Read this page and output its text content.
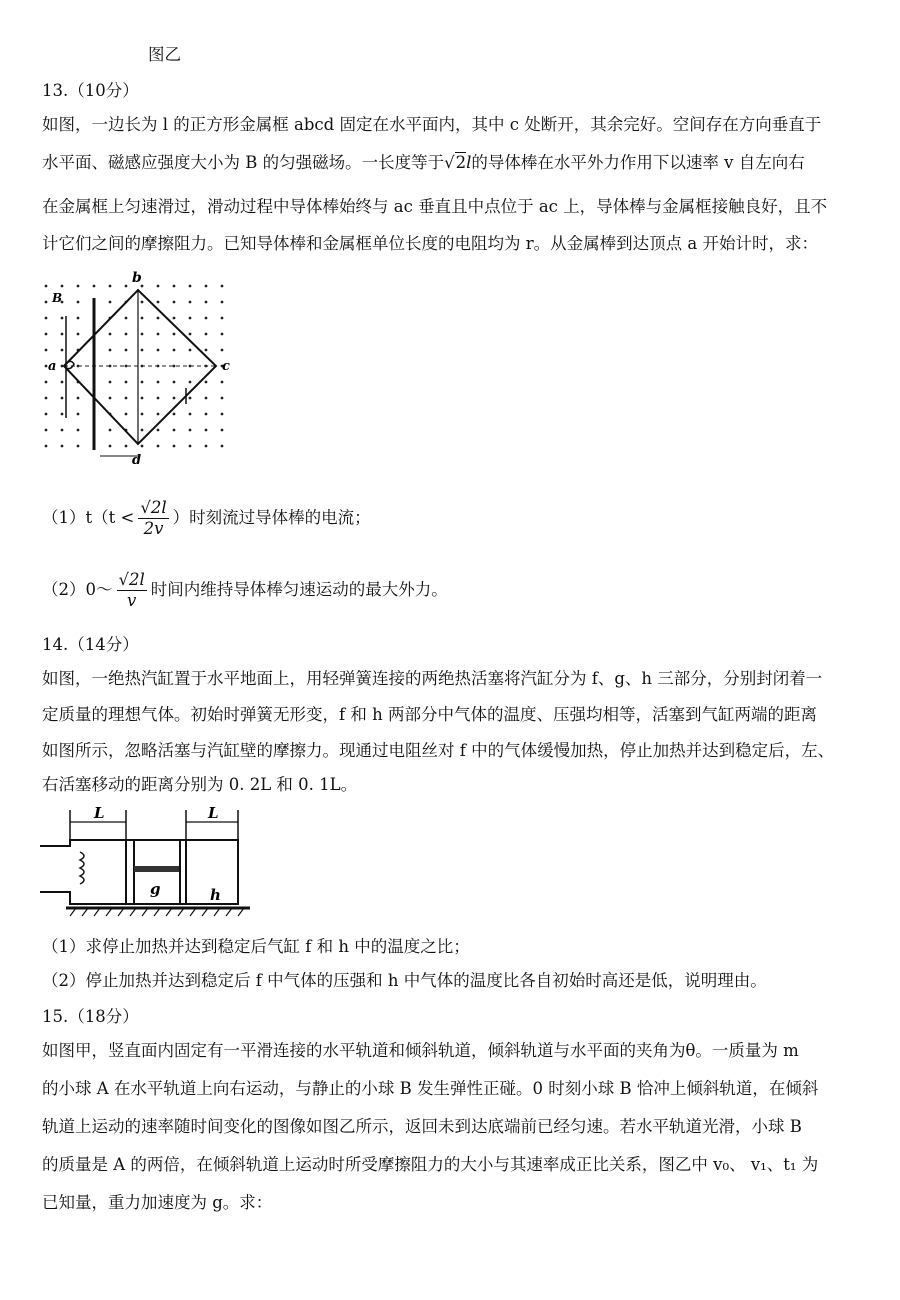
图乙
13.（10分）
如图，一边长为 l 的正方形金属框 abcd 固定在水平面内，其中 c 处断开，其余完好。空间存在方向垂直于
水平面、磁感应强度大小为 B 的匀强磁场。一长度等于√2l的导体棒在水平外力作用下以速率 v 自左向右
在金属框上匀速滑过，滑动过程中导体棒始终与 ac 垂直且中点位于 ac 上，导体棒与金属框接触良好，且不
计它们之间的摩擦阻力。已知导体棒和金属框单位长度的电阻均为 r。从金属棒到达顶点 a 开始计时，求：
b
a	c
d
B
$(1)t(t < \frac{√2l}{2v}$ ）时刻流过导体棒的电流；
（2）0～ $\frac{√2l}{v}$ 时间内维持导体棒匀速运动的最大外力。
14.（14分）
如图，一绝热汽缸置于水平地面上，用轻弹簧连接的两绝热活塞将汽缸分为 f、g、h 三部分，分别封闭着一
定质量的理想气体。初始时弹簧无形变，f 和 h 两部分中气体的温度、压强均相等，活塞到气缸两端的距离
如图所示，忽略活塞与汽缸壁的摩擦力。现通过电阻丝对 f 中的气体缓慢加热，停止加热并达到稳定后，左、
右活塞移动的距离分别为 0. 2L 和 0. 1L。
L	L
g	h
（1）求停止加热并达到稳定后气缸 f 和 h 中的温度之比；
（2）停止加热并达到稳定后 f 中气体的压强和 h 中气体的温度比各自初始时高还是低，说明理由。
15.（18分）
如图甲，竖直面内固定有一平滑连接的水平轨道和倾斜轨道，倾斜轨道与水平面的夹角为θ。一质量为 m
的小球 A 在水平轨道上向右运动，与静止的小球 B 发生弹性正碰。0 时刻小球 B 恰冲上倾斜轨道，在倾斜
轨道上运动的速率随时间变化的图像如图乙所示，返回未到达底端前已经匀速。若水平轨道光滑，小球 B
的质量是 A 的两倍，在倾斜轨道上运动时所受摩擦阻力的大小与其速率成正比关系，图乙中 v₀、 v₁、t₁ 为
已知量，重力加速度为 g。求：
